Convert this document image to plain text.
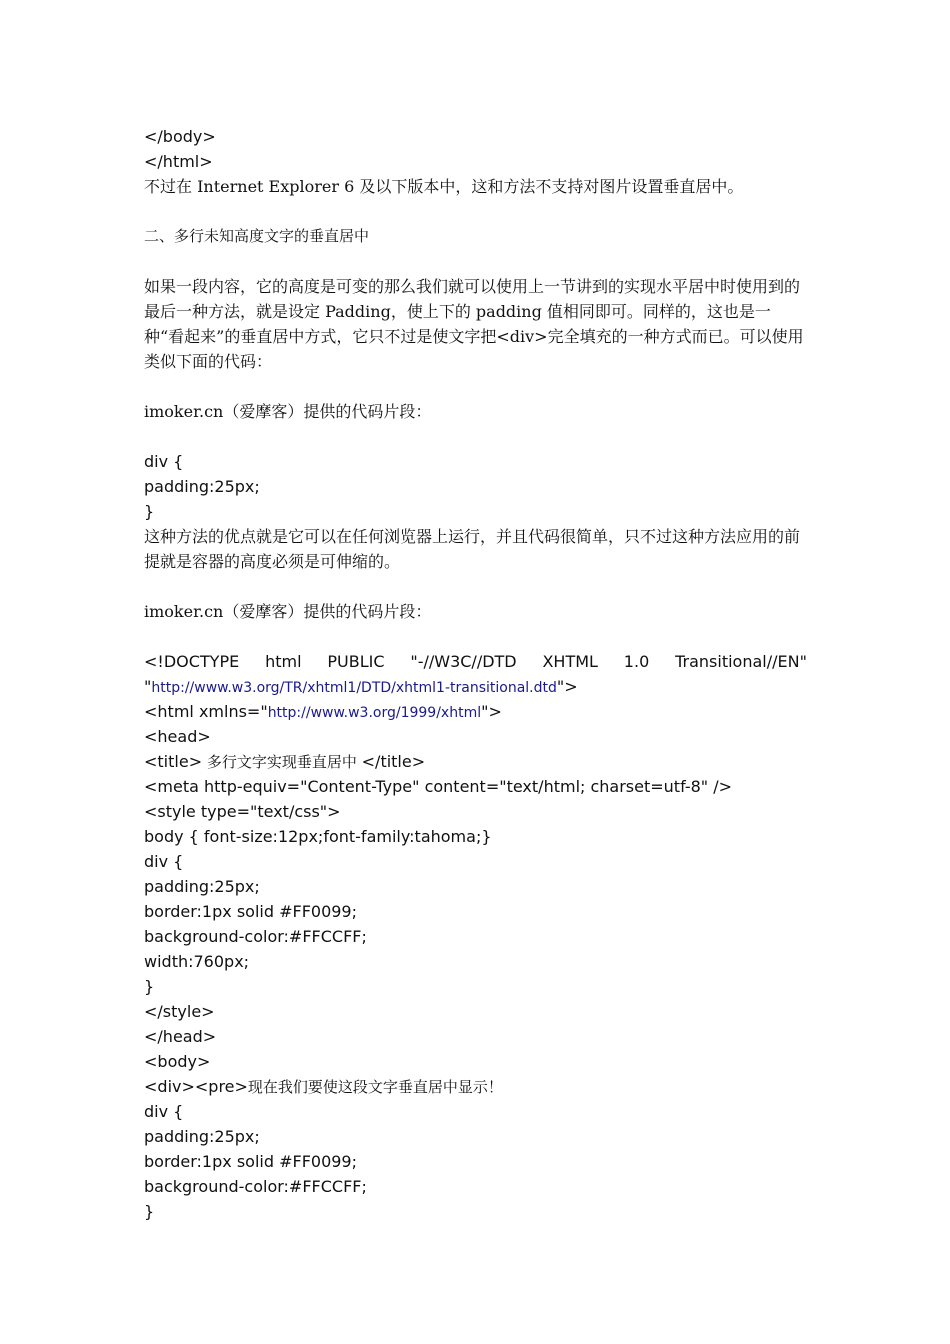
</body>
</html>
不过在 Internet Explorer 6 及以下版本中，这和方法不支持对图片设置垂直居中。
二、多行未知高度文字的垂直居中
如果一段内容，它的高度是可变的那么我们就可以使用上一节讲到的实现水平居中时使用到的最后一种方法，就是设定 Padding，使上下的 padding 值相同即可。同样的，这也是一种“看起来”的垂直居中方式，它只不过是使文字把<div>完全填充的一种方式而已。可以使用类似下面的代码：
imoker.cn（爱摩客）提供的代码片段：
div {
padding:25px;
}
这种方法的优点就是它可以在任何浏览器上运行，并且代码很简单，只不过这种方法应用的前提就是容器的高度必须是可伸缩的。
imoker.cn（爱摩客）提供的代码片段：
<!DOCTYPE html PUBLIC "-//W3C//DTD XHTML 1.0 Transitional//EN"
"http://www.w3.org/TR/xhtml1/DTD/xhtml1-transitional.dtd">
<html xmlns="http://www.w3.org/1999/xhtml">
<head>
<title> 多行文字实现垂直居中 </title>
<meta http-equiv="Content-Type" content="text/html; charset=utf-8" />
<style type="text/css">
body { font-size:12px;font-family:tahoma;}
div {
padding:25px;
border:1px solid #FF0099;
background-color:#FFCCFF;
width:760px;
}
</style>
</head>
<body>
<div><pre>现在我们要使这段文字垂直居中显示！
div {
padding:25px;
border:1px solid #FF0099;
background-color:#FFCCFF;
}
